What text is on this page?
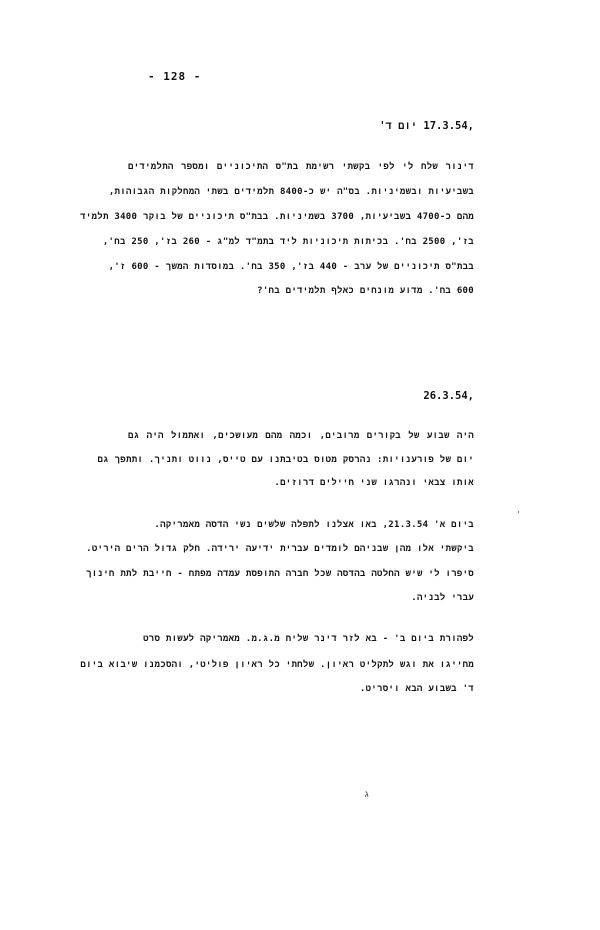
- 128 -
,17.3.54 יום ד'
דינור שלח לי לפי בקשתי רשימת בת"ס התיכוניים ומספר התלמידים
בשביעיות ובשמיניות. בס"ה יש כ-8400 תלמידים בשתי המחלקות הגבוהות,
מהם כ-4700 בשביעיות, 3700 בשמיניות. בבת"ס תיכוניים של בוקר 3400 תלמיד
בז', 2500 בח'. בכיתות תיכוניות ליד בתמ"ד למ"ג - 260 בז', 250 בח',
בבת"ס תיכוניים של ערב - 440 בז', 350 בח'. במוסדות המשך - 600 ז',
600 בח'. מדוע מונחים כאלף תלמידים בח'?
,26.3.54
היה שבוע של בקורים מרובים, וכמה מהם מעושכים, ואתמול היה גם
יום של פורענויות: נהרסק מטוס בטיבתנו עם טייס, נווט ותניך. ותתפך גם
אותו צבאי ונהרגו שני חיילים דרוזים.
ביום א' 21.3.54, באו אצלנו לתפלה שלשים נשי הדסה מאמריקה.
ביקשתי אלו מהן שבניהם לומדים עברית ידיעה ירידה. חלק גדול הרים היריט.
סיפרו לי שיש החלטה בהדסה שכל חברה התופסת עמדה מפתח - חייבת לתת חינוך
עברי לבניה.
לפהורת ביום ב' - בא לזר דינר שליח מ.ג.מ. מאמריקה לעשות סרט
מחייגו את וגש לתקליט ראיון. שלחתי כל ראיון פוליטי, והסכמנו שיבוא ביום
ד' בשבוע הבא ויסריט.
'
ג
